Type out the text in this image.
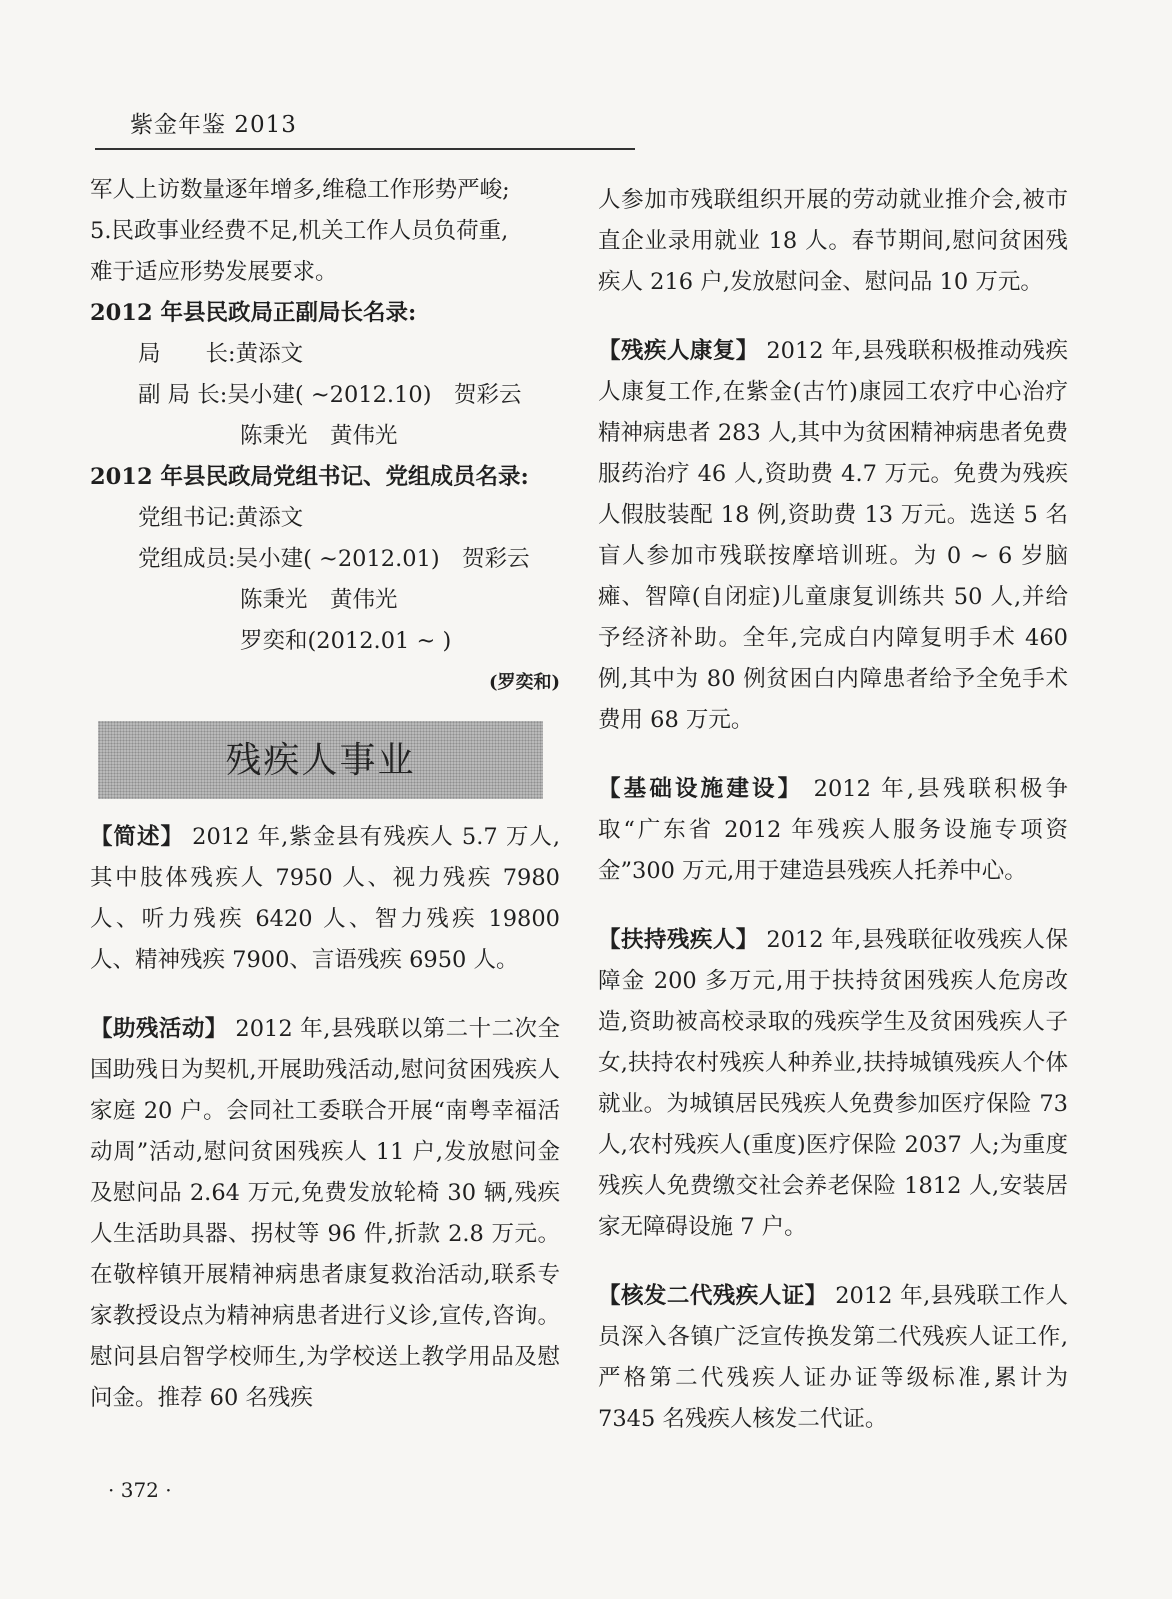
紫金年鉴 2013

军人上访数量逐年增多,维稳工作形势严峻;

5.民政事业经费不足,机关工作人员负荷重,

难于适应形势发展要求。

2012 年县民政局正副局长名录:

局　　长:黄添文

副 局 长:吴小建( ~2012.10)　贺彩云

陈秉光　黄伟光

2012 年县民政局党组书记、党组成员名录:

党组书记:黄添文

党组成员:吴小建( ~2012.01)　贺彩云

陈秉光　黄伟光

罗奕和(2012.01 ~ )

(罗奕和)

残疾人事业

【简述】 2012 年,紫金县有残疾人 5.7 万人,其中肢体残疾人 7950 人、视力残疾 7980 人、听力残疾 6420 人、智力残疾 19800 人、精神残疾 7900、言语残疾 6950 人。

【助残活动】 2012 年,县残联以第二十二次全国助残日为契机,开展助残活动,慰问贫困残疾人家庭 20 户。会同社工委联合开展“南粤幸福活动周”活动,慰问贫困残疾人 11 户,发放慰问金及慰问品 2.64 万元,免费发放轮椅 30 辆,残疾人生活助具器、拐杖等 96 件,折款 2.8 万元。在敬梓镇开展精神病患者康复救治活动,联系专家教授设点为精神病患者进行义诊,宣传,咨询。慰问县启智学校师生,为学校送上教学用品及慰问金。推荐 60 名残疾

人参加市残联组织开展的劳动就业推介会,被市直企业录用就业 18 人。春节期间,慰问贫困残疾人 216 户,发放慰问金、慰问品 10 万元。

【残疾人康复】 2012 年,县残联积极推动残疾人康复工作,在紫金(古竹)康园工农疗中心治疗精神病患者 283 人,其中为贫困精神病患者免费服药治疗 46 人,资助费 4.7 万元。免费为残疾人假肢装配 18 例,资助费 13 万元。选送 5 名盲人参加市残联按摩培训班。为 0 ~ 6 岁脑瘫、智障(自闭症)儿童康复训练共 50 人,并给予经济补助。全年,完成白内障复明手术 460 例,其中为 80 例贫困白内障患者给予全免手术费用 68 万元。

【基础设施建设】 2012 年,县残联积极争取“广东省 2012 年残疾人服务设施专项资金”300 万元,用于建造县残疾人托养中心。

【扶持残疾人】 2012 年,县残联征收残疾人保障金 200 多万元,用于扶持贫困残疾人危房改造,资助被高校录取的残疾学生及贫困残疾人子女,扶持农村残疾人种养业,扶持城镇残疾人个体就业。为城镇居民残疾人免费参加医疗保险 73 人,农村残疾人(重度)医疗保险 2037 人;为重度残疾人免费缴交社会养老保险 1812 人,安装居家无障碍设施 7 户。

【核发二代残疾人证】 2012 年,县残联工作人员深入各镇广泛宣传换发第二代残疾人证工作,严格第二代残疾人证办证等级标准,累计为 7345 名残疾人核发二代证。

· 372 ·
